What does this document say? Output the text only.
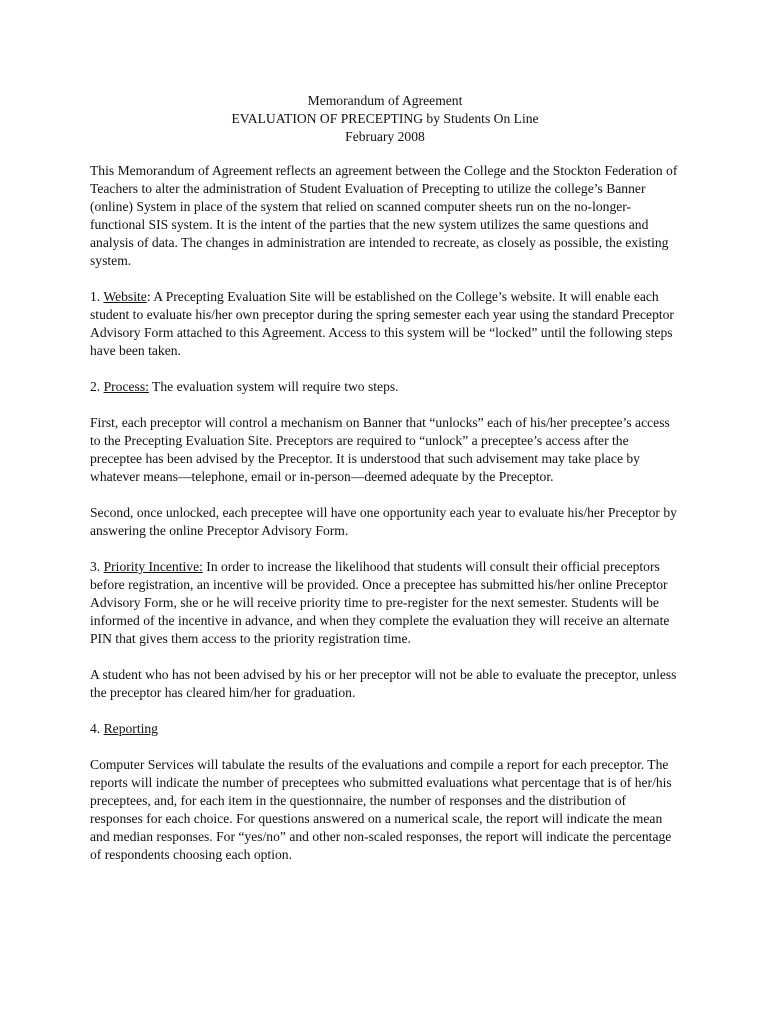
Memorandum of Agreement
EVALUATION OF PRECEPTING by Students On Line
February 2008

This Memorandum of Agreement reflects an agreement between the College and the Stockton Federation of Teachers to alter the administration of Student Evaluation of Precepting to utilize the college’s Banner (online) System in place of the system that relied on scanned computer sheets run on the no-longer-functional SIS system. It is the intent of the parties that the new system utilizes the same questions and analysis of data. The changes in administration are intended to recreate, as closely as possible, the existing system.

1. Website: A Precepting Evaluation Site will be established on the College’s website. It will enable each student to evaluate his/her own preceptor during the spring semester each year using the standard Preceptor Advisory Form attached to this Agreement. Access to this system will be “locked” until the following steps have been taken.

2. Process: The evaluation system will require two steps.

First, each preceptor will control a mechanism on Banner that “unlocks” each of his/her preceptee’s access to the Precepting Evaluation Site. Preceptors are required to “unlock” a preceptee’s access after the preceptee has been advised by the Preceptor. It is understood that such advisement may take place by whatever means—telephone, email or in-person—deemed adequate by the Preceptor.

Second, once unlocked, each preceptee will have one opportunity each year to evaluate his/her Preceptor by answering the online Preceptor Advisory Form.

3. Priority Incentive: In order to increase the likelihood that students will consult their official preceptors before registration, an incentive will be provided. Once a preceptee has submitted his/her online Preceptor Advisory Form, she or he will receive priority time to pre-register for the next semester. Students will be informed of the incentive in advance, and when they complete the evaluation they will receive an alternate PIN that gives them access to the priority registration time.

A student who has not been advised by his or her preceptor will not be able to evaluate the preceptor, unless the preceptor has cleared him/her for graduation.

4. Reporting

Computer Services will tabulate the results of the evaluations and compile a report for each preceptor. The reports will indicate the number of preceptees who submitted evaluations what percentage that is of her/his preceptees, and, for each item in the questionnaire, the number of responses and the distribution of responses for each choice. For questions answered on a numerical scale, the report will indicate the mean and median responses. For “yes/no” and other non-scaled responses, the report will indicate the percentage of respondents choosing each option.
